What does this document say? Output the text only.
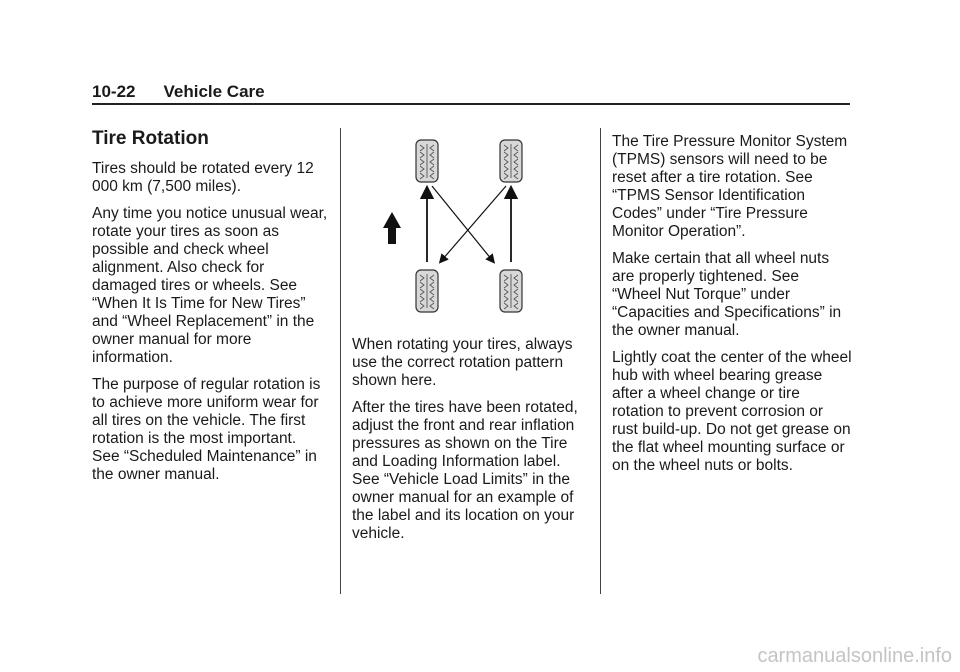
10-22 Vehicle Care
Tire Rotation

Tires should be rotated every 12 000 km (7,500 miles).

Any time you notice unusual wear, rotate your tires as soon as possible and check wheel alignment. Also check for damaged tires or wheels. See “When It Is Time for New Tires” and “Wheel Replacement” in the owner manual for more information.

The purpose of regular rotation is to achieve more uniform wear for all tires on the vehicle. The first rotation is the most important. See “Scheduled Maintenance” in the owner manual.

When rotating your tires, always use the correct rotation pattern shown here.

After the tires have been rotated, adjust the front and rear inflation pressures as shown on the Tire and Loading Information label. See “Vehicle Load Limits” in the owner manual for an example of the label and its location on your vehicle.

The Tire Pressure Monitor System (TPMS) sensors will need to be reset after a tire rotation. See “TPMS Sensor Identification Codes” under “Tire Pressure Monitor Operation”.

Make certain that all wheel nuts are properly tightened. See “Wheel Nut Torque” under “Capacities and Specifications” in the owner manual.

Lightly coat the center of the wheel hub with wheel bearing grease after a wheel change or tire rotation to prevent corrosion or rust build-up. Do not get grease on the flat wheel mounting surface or on the wheel nuts or bolts.

carmanualsonline.info
